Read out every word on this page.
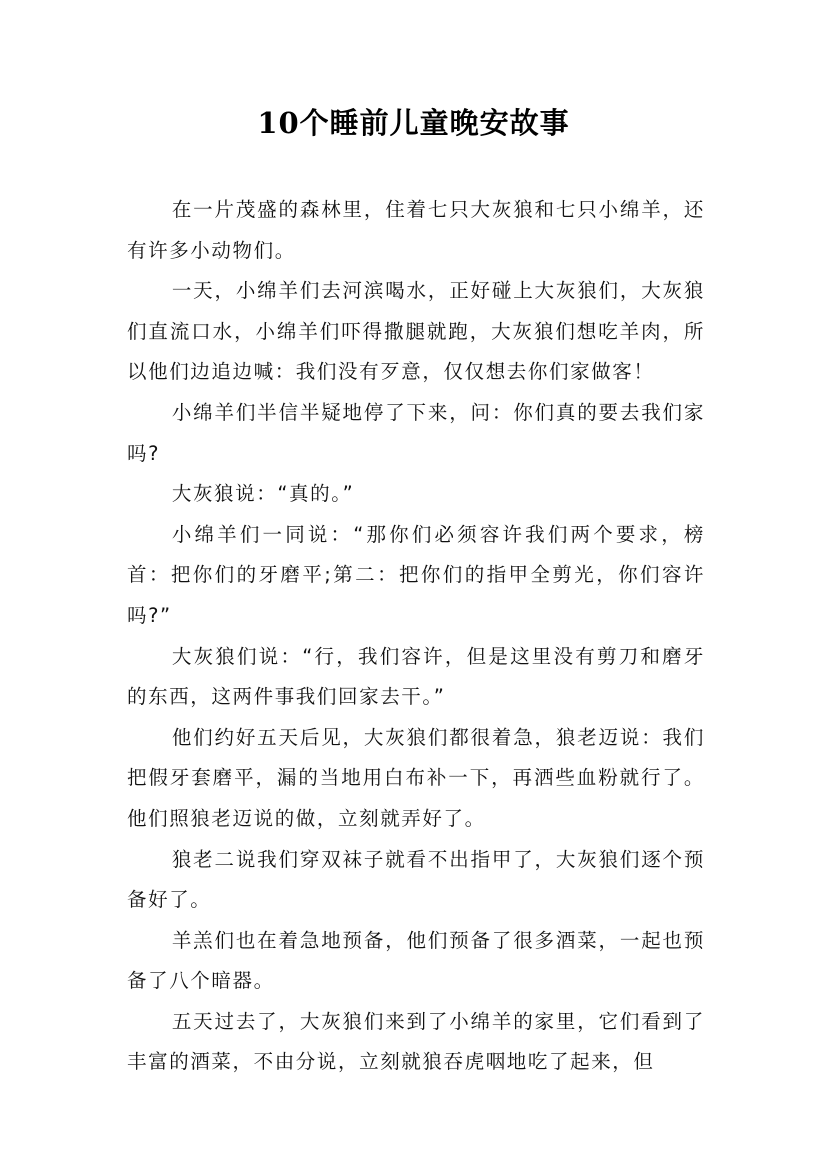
10个睡前儿童晚安故事

在一片茂盛的森林里，住着七只大灰狼和七只小绵羊，还有许多小动物们。

一天，小绵羊们去河滨喝水，正好碰上大灰狼们，大灰狼们直流口水，小绵羊们吓得撒腿就跑，大灰狼们想吃羊肉，所以他们边追边喊：我们没有歹意，仅仅想去你们家做客！

小绵羊们半信半疑地停了下来，问：你们真的要去我们家吗?

大灰狼说：“真的。”

小绵羊们一同说：“那你们必须容许我们两个要求，榜首：把你们的牙磨平;第二：把你们的指甲全剪光，你们容许吗?”

大灰狼们说：“行，我们容许，但是这里没有剪刀和磨牙的东西，这两件事我们回家去干。”

他们约好五天后见，大灰狼们都很着急，狼老迈说：我们把假牙套磨平，漏的当地用白布补一下，再洒些血粉就行了。他们照狼老迈说的做，立刻就弄好了。

狼老二说我们穿双袜子就看不出指甲了，大灰狼们逐个预备好了。

羊羔们也在着急地预备，他们预备了很多酒菜，一起也预备了八个暗器。

五天过去了，大灰狼们来到了小绵羊的家里，它们看到了丰富的酒菜，不由分说，立刻就狼吞虎咽地吃了起来，但
